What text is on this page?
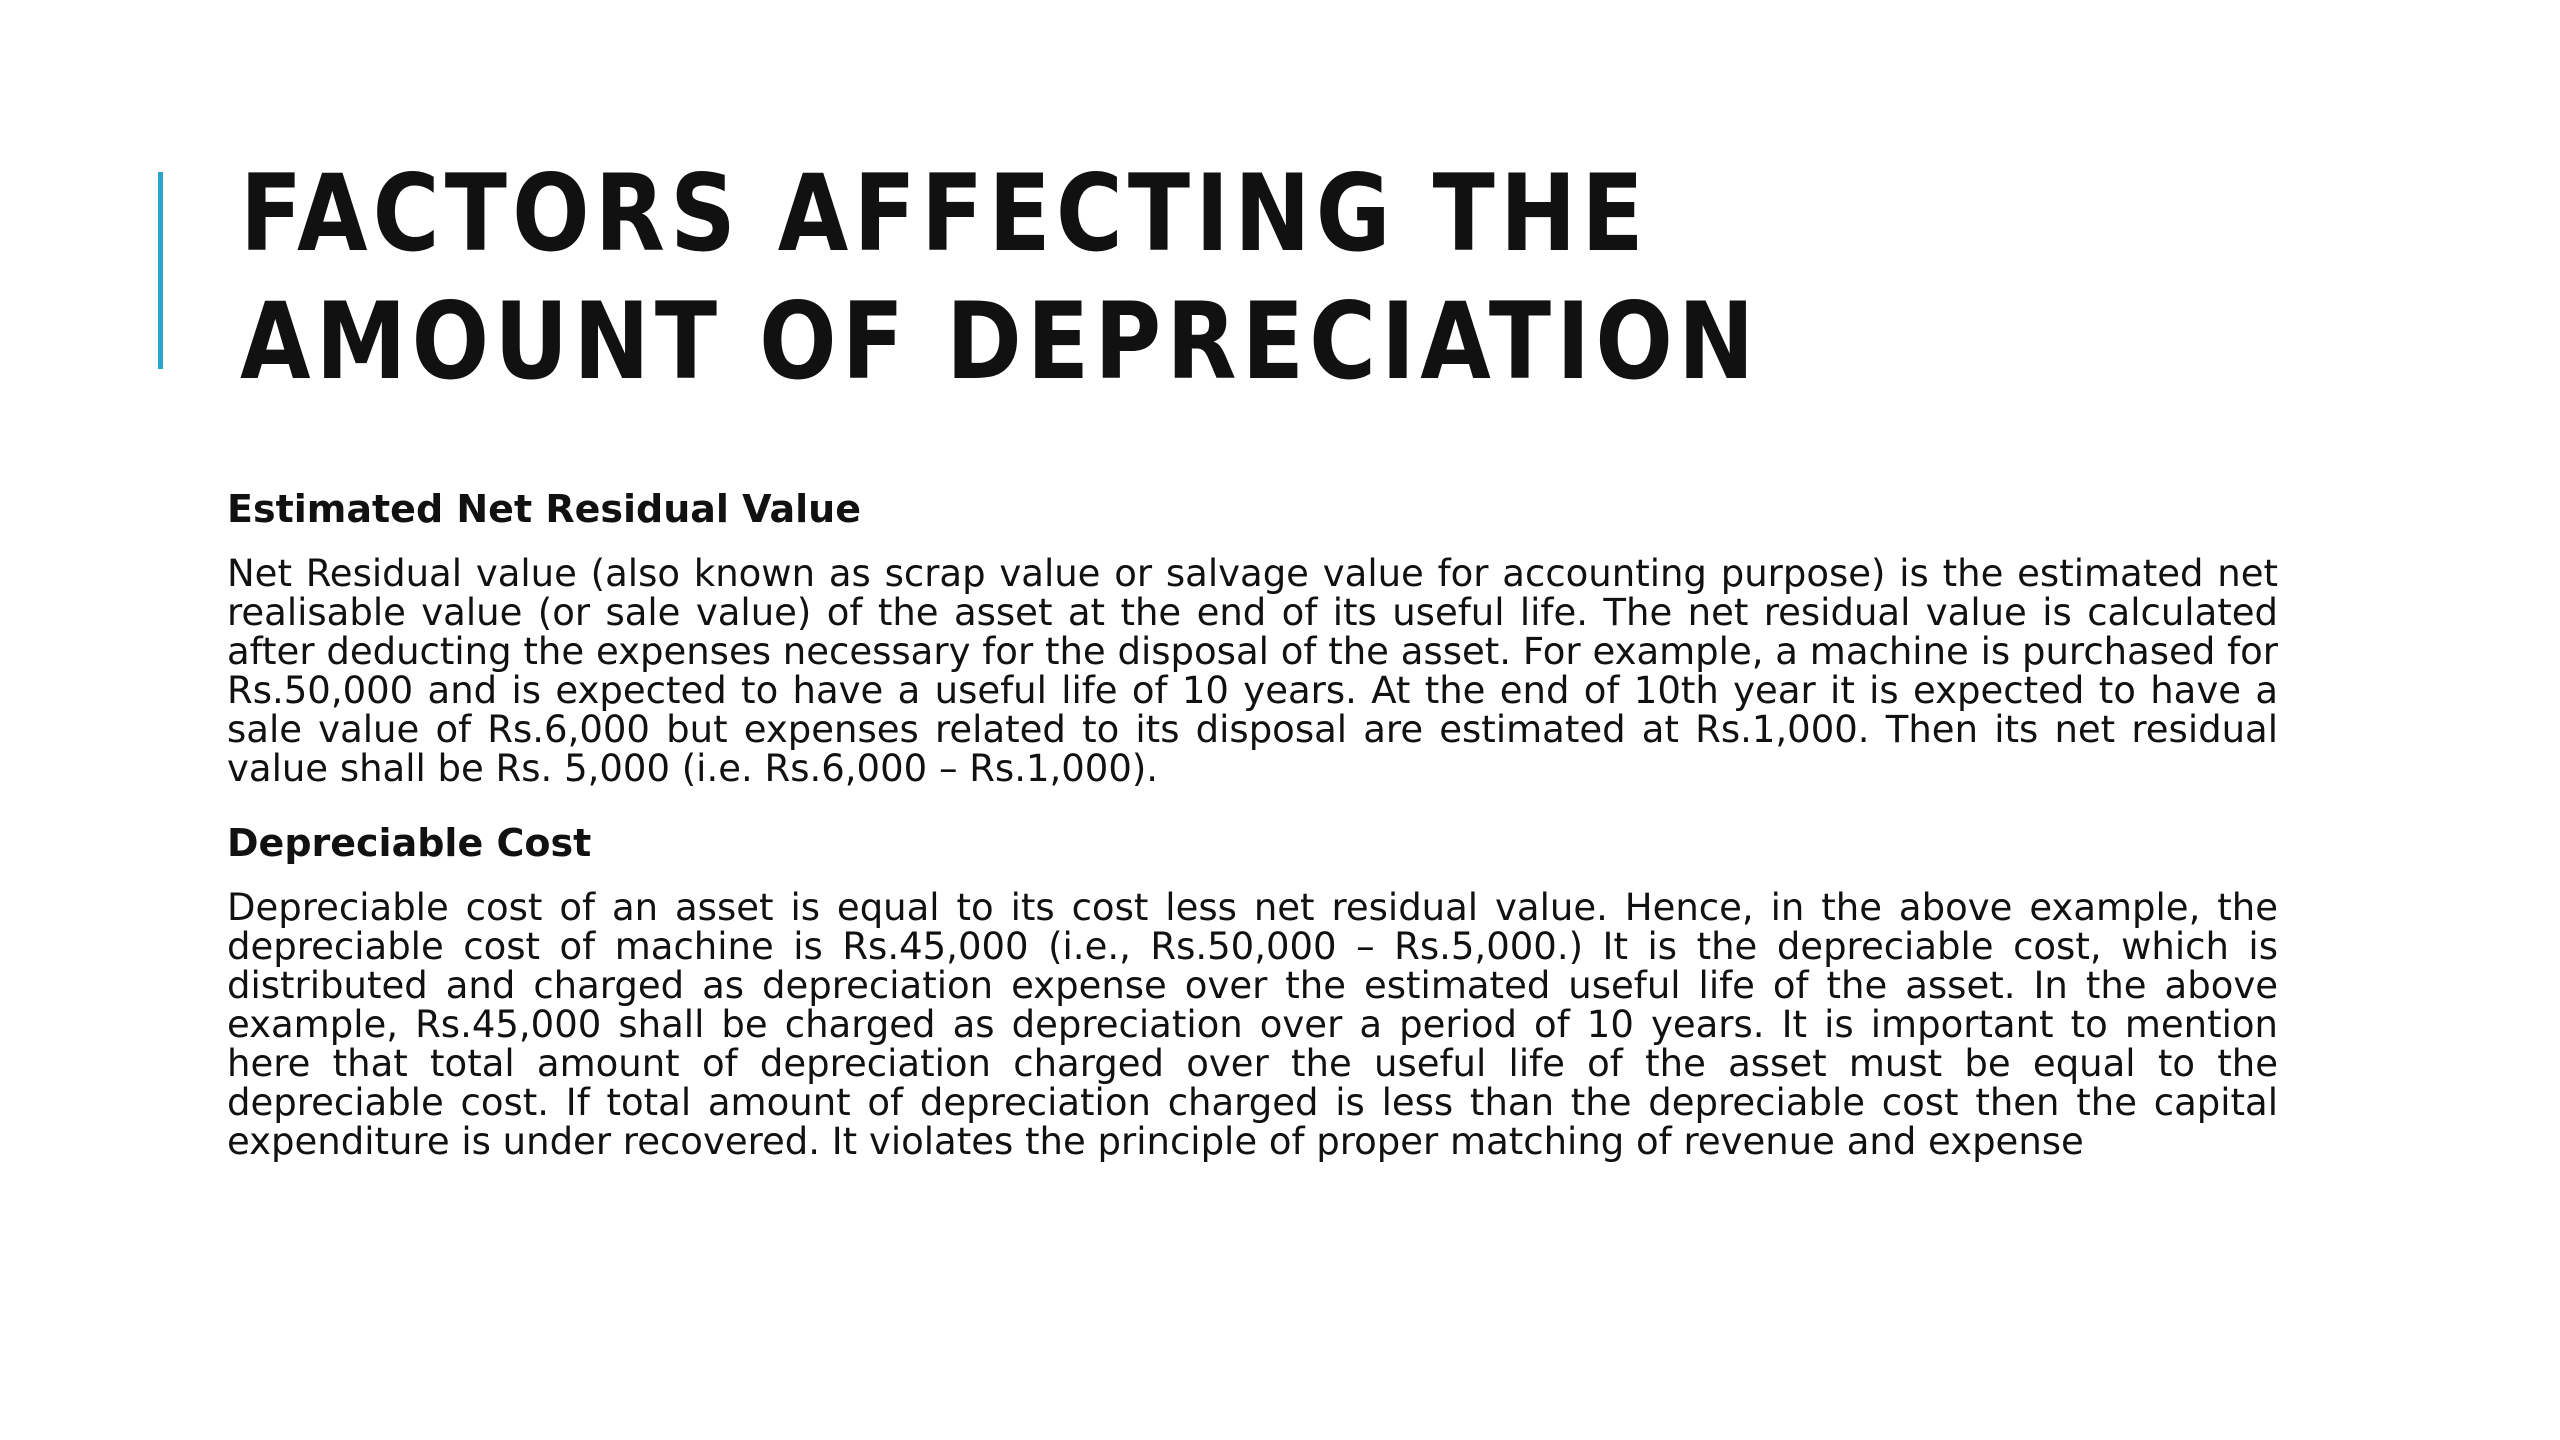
FACTORS AFFECTING THE AMOUNT OF DEPRECIATION

Estimated Net Residual Value

Net Residual value (also known as scrap value or salvage value for accounting purpose) is the estimated net realisable value (or sale value) of the asset at the end of its useful life. The net residual value is calculated after deducting the expenses necessary for the disposal of the asset. For example, a machine is purchased for Rs.50,000 and is expected to have a useful life of 10 years. At the end of 10th year it is expected to have a sale value of Rs.6,000 but expenses related to its disposal are estimated at Rs.1,000. Then its net residual value shall be Rs. 5,000 (i.e. Rs.6,000 – Rs.1,000).

Depreciable Cost

Depreciable cost of an asset is equal to its cost less net residual value. Hence, in the above example, the depreciable cost of machine is Rs.45,000 (i.e., Rs.50,000 – Rs.5,000.) It is the depreciable cost, which is distributed and charged as depreciation expense over the estimated useful life of the asset. In the above example, Rs.45,000 shall be charged as depreciation over a period of 10 years. It is important to mention here that total amount of depreciation charged over the useful life of the asset must be equal to the depreciable cost. If total amount of depreciation charged is less than the depreciable cost then the capital expenditure is under recovered. It violates the principle of proper matching of revenue and expense
